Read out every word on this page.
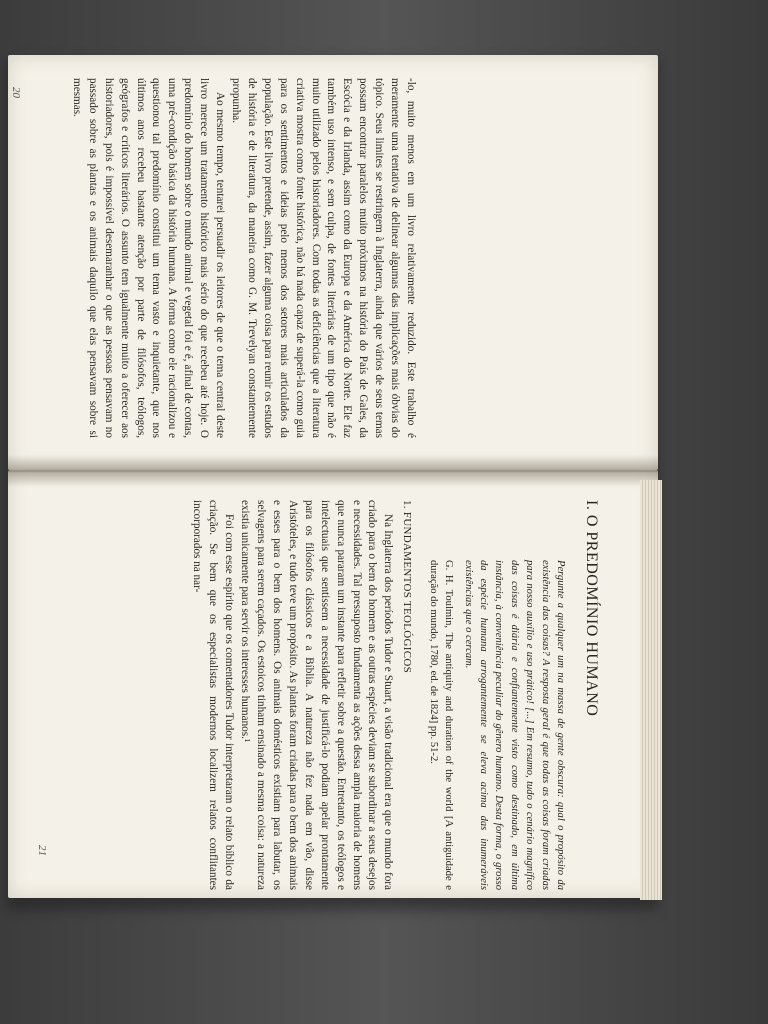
20	-lo, muito menos em um livro relativamente reduzido. Este trabalho é meramente uma tentativa de delinear algumas das implicações mais óbvias do tópico. Seus limites se restringem à Inglaterra, ainda que vários de seus temas possam encontrar paralelos muito próximos na história do País de Gales, da Escócia e da Irlanda, assim como da Europa e da América do Norte. Ele faz também uso intenso, e sem culpa, de fontes literárias de um tipo que não é muito utilizado pelos historiadores. Com todas as deficiências que a literatura criativa mostra como fonte histórica, não há nada capaz de superá-la como guia para os sentimentos e ideias pelo menos dos setores mais articulados da população. Este livro pretende, assim, fazer alguma coisa para reunir os estudos de história e de literatura, da maneira como G. M. Trevelyan constantemente propunha.

Ao mesmo tempo, tentarei persuadir os leitores de que o tema central deste livro merece um tratamento histórico mais sério do que recebeu até hoje. O predomínio do homem sobre o mundo animal e vegetal foi e é, afinal de contas, uma pré-condição básica da história humana. A forma como ele racionalizou e questionou tal predomínio constitui um tema vasto e inquietante, que nos últimos anos recebeu bastante atenção por parte de filósofos, teólogos, geógrafos e críticos literários. O assunto tem igualmente muito a oferecer aos historiadores, pois é impossível desemaranhar o que as pessoas pensavam no passado sobre as plantas e os animais daquilo que elas pensavam sobre si mesmas.

I. O PREDOMÍNIO HUMANO

Pergunte a qualquer um na massa de gente obscura: qual o propósito da existência das coisas? A resposta geral é que todas as coisas foram criadas para nosso auxílio e uso prático! [...] Em resumo, tudo o cenário magnífico das coisas é diária e confiantemente visto como destinado, em última instância, à conveniência peculiar do gênero humano. Desta forma, o grosso da espécie humana arrogantemente se eleva acima das inumeráveis existências que o cercam.

G. H. Toulmin, The antiquity and duration of the world [A antiguidade e duração do mundo, 1780, ed. de 1824] pp. 51-2.

1. FUNDAMENTOS TEOLÓGICOS

Na Inglaterra dos períodos Tudor e Stuart, a visão tradicional era que o mundo fora criado para o bem do homem e as outras espécies deviam se subordinar a seus desejos e necessidades. Tal pressuposto fundamenta as ações dessa ampla maioria de homens que nunca pararam um instante para refletir sobre a questão. Entretanto, os teólogos e intelectuais que sentissem a necessidade de justificá-lo podiam apelar prontamente para os filósofos clássicos e a Bíblia. A natureza não fez nada em vão, disse Aristóteles, e tudo teve um propósito. As plantas foram criadas para o bem dos animais e esses para o bem dos homens. Os animais domésticos existiam para labutar, os selvagens para serem caçados. Os estoicos tinham ensinado a mesma coisa: a natureza existia unicamente para servir os interesses humanos.¹

Foi com esse espírito que os comentadores Tudor interpretaram o relato bíblico da criação. Se bem que os especialistas modernos localizem relatos conflitantes incorporados na nar-

21
